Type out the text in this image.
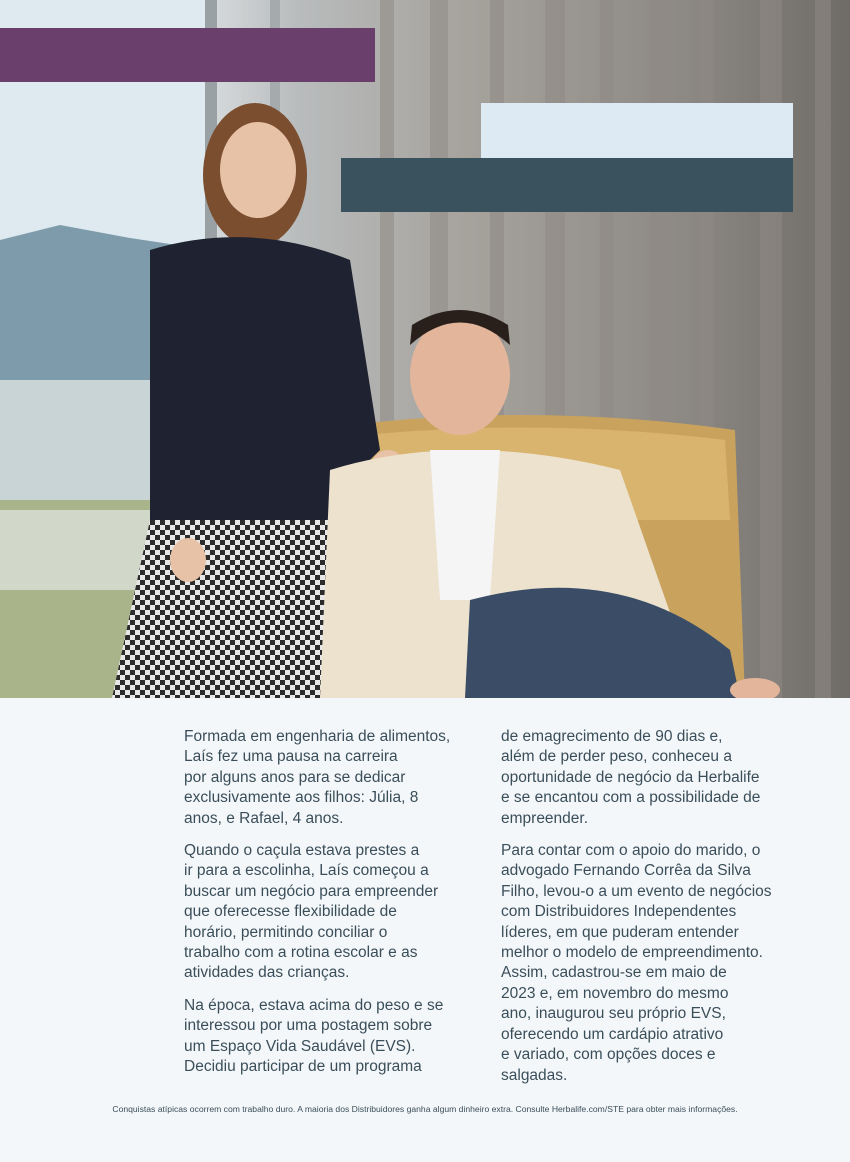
Formada em engenharia de alimentos,
Laís fez uma pausa na carreira
por alguns anos para se dedicar
exclusivamente aos filhos: Júlia, 8
anos, e Rafael, 4 anos.

Quando o caçula estava prestes a
ir para a escolinha, Laís começou a
buscar um negócio para empreender
que oferecesse flexibilidade de
horário, permitindo conciliar o
trabalho com a rotina escolar e as
atividades das crianças.

Na época, estava acima do peso e se
interessou por uma postagem sobre
um Espaço Vida Saudável (EVS).
Decidiu participar de um programa

de emagrecimento de 90 dias e,
além de perder peso, conheceu a
oportunidade de negócio da Herbalife
e se encantou com a possibilidade de
empreender.

Para contar com o apoio do marido, o
advogado Fernando Corrêa da Silva
Filho, levou-o a um evento de negócios
com Distribuidores Independentes
líderes, em que puderam entender
melhor o modelo de empreendimento.
Assim, cadastrou-se em maio de
2023 e, em novembro do mesmo
ano, inaugurou seu próprio EVS,
oferecendo um cardápio atrativo
e variado, com opções doces e
salgadas.

Conquistas atípicas ocorrem com trabalho duro. A maioria dos Distribuidores ganha algum dinheiro extra. Consulte Herbalife.com/STE para obter mais informações.
